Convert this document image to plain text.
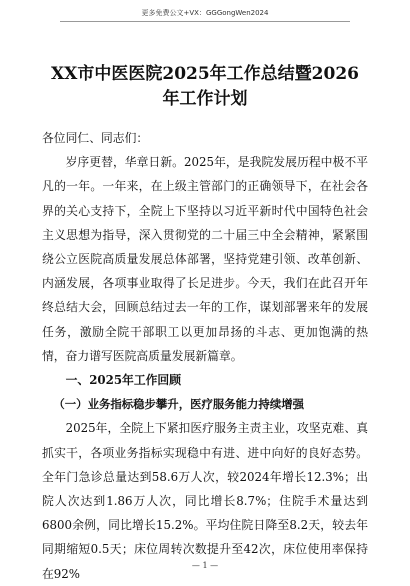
更多免费公文+VX：GGGongWen2024
XX市中医医院2025年工作总结暨2026
年工作计划

各位同仁、同志们：

岁序更替，华章日新。2025年，是我院发展历程中极不平凡的一年。一年来，在上级主管部门的正确领导下，在社会各界的关心支持下，全院上下坚持以习近平新时代中国特色社会主义思想为指导，深入贯彻党的二十届三中全会精神，紧紧围绕公立医院高质量发展总体部署，坚持党建引领、改革创新、内涵发展，各项事业取得了长足进步。今天，我们在此召开年终总结大会，回顾总结过去一年的工作，谋划部署来年的发展任务，激励全院干部职工以更加昂扬的斗志、更加饱满的热情，奋力谱写医院高质量发展新篇章。

一、2025年工作回顾

（一）业务指标稳步攀升，医疗服务能力持续增强

2025年，全院上下紧扣医疗服务主责主业，攻坚克难、真抓实干，各项业务指标实现稳中有进、进中向好的良好态势。全年门急诊总量达到58.6万人次，较2024年增长12.3%；出院人次达到1.86万人次，同比增长8.7%；住院手术量达到6800余例，同比增长15.2%。平均住院日降至8.2天，较去年同期缩短0.5天；床位周转次数提升至42次，床位使用率保持在92%

— 1 —
